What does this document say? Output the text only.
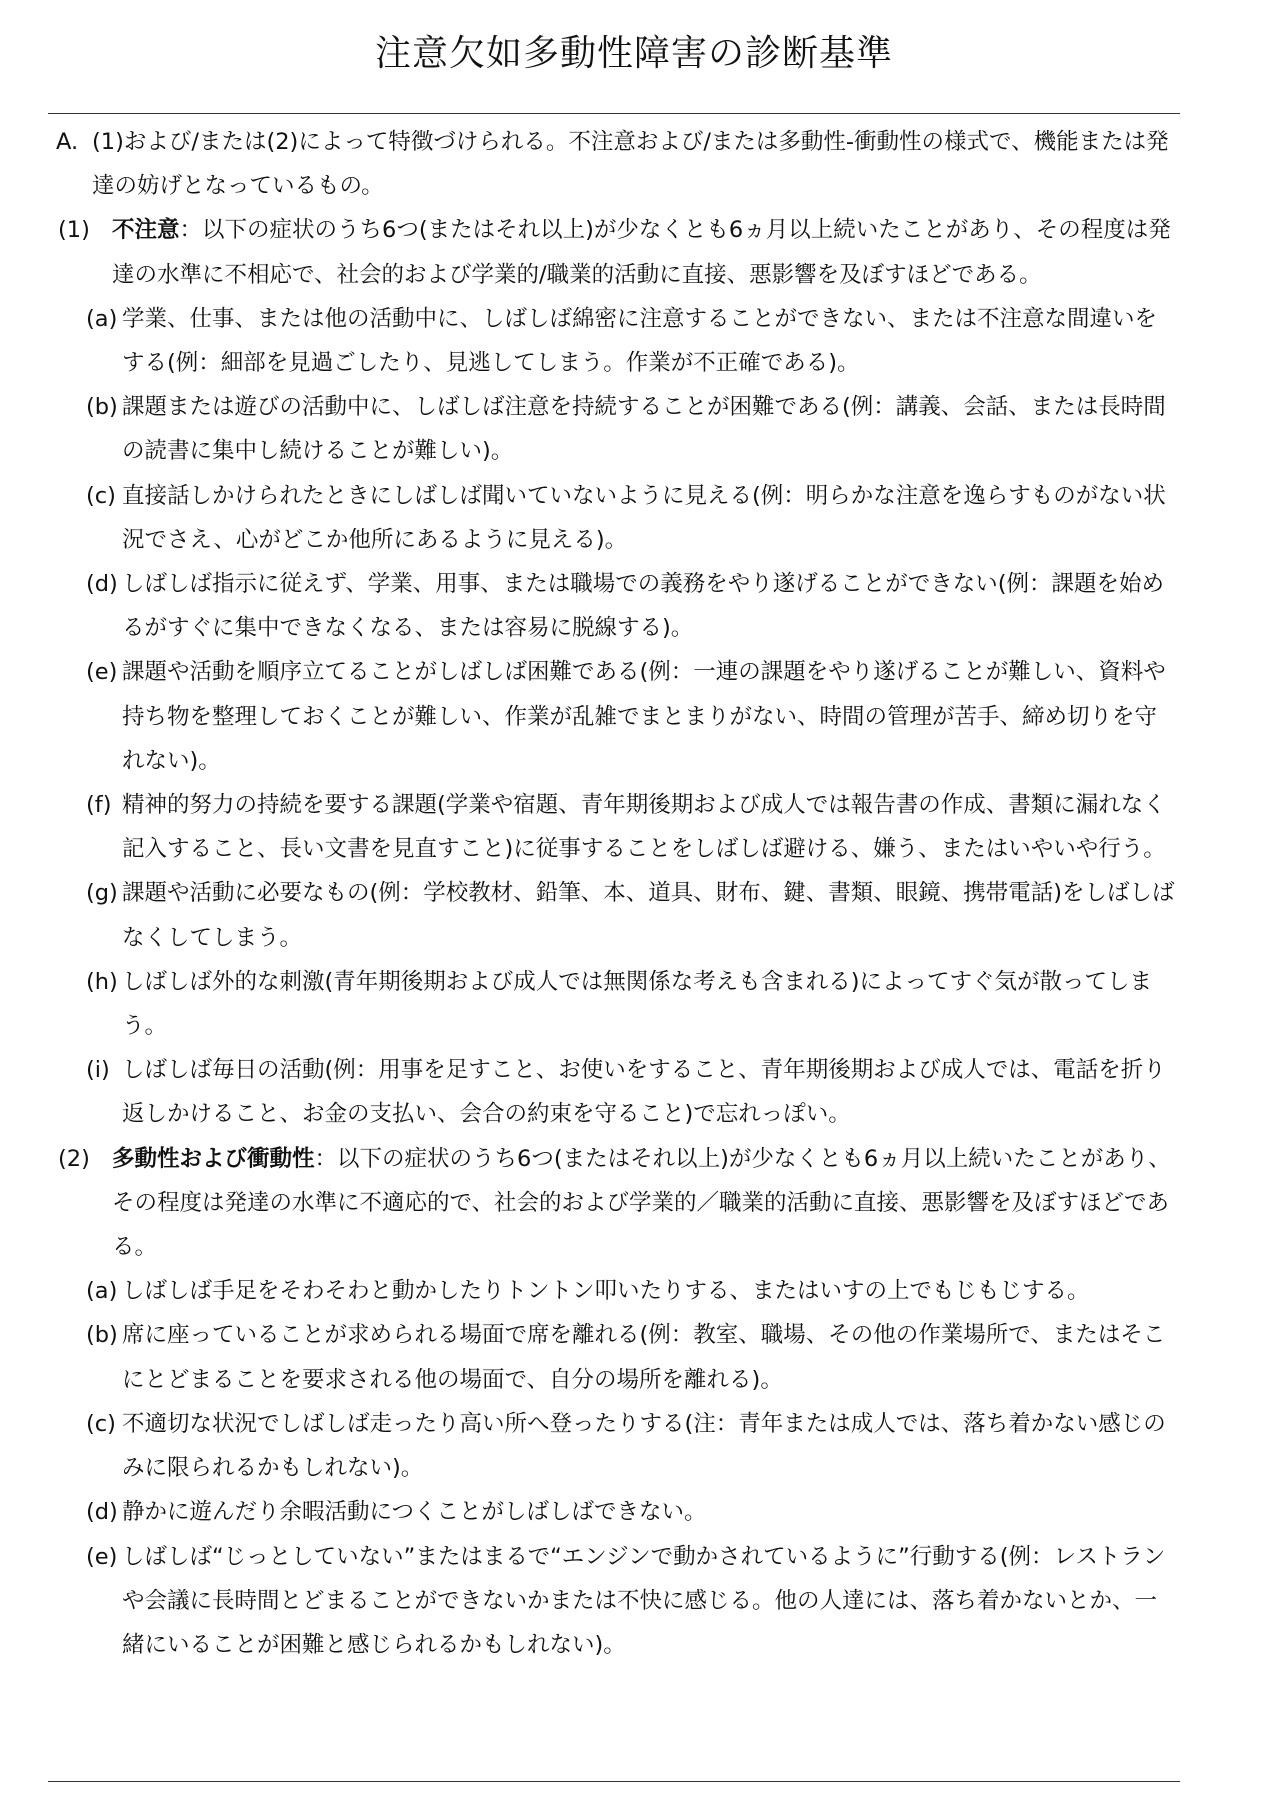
注意欠如多動性障害の診断基準
A. (1)および/または(2)によって特徴づけられる。不注意および/または多動性-衝動性の様式で、機能または発達の妨げとなっているもの。
(1) 不注意：以下の症状のうち6つ(またはそれ以上)が少なくとも6ヵ月以上続いたことがあり、その程度は発達の水準に不相応で、社会的および学業的/職業的活動に直接、悪影響を及ぼすほどである。
(a) 学業、仕事、または他の活動中に、しばしば綿密に注意することができない、または不注意な間違いをする(例：細部を見過ごしたり、見逃してしまう。作業が不正確である)。
(b) 課題または遊びの活動中に、しばしば注意を持続することが困難である(例：講義、会話、または長時間の読書に集中し続けることが難しい)。
(c) 直接話しかけられたときにしばしば聞いていないように見える(例：明らかな注意を逸らすものがない状況でさえ、心がどこか他所にあるように見える)。
(d) しばしば指示に従えず、学業、用事、または職場での義務をやり遂げることができない(例：課題を始めるがすぐに集中できなくなる、または容易に脱線する)。
(e) 課題や活動を順序立てることがしばしば困難である(例：一連の課題をやり遂げることが難しい、資料や持ち物を整理しておくことが難しい、作業が乱雑でまとまりがない、時間の管理が苦手、締め切りを守れない)。
(f) 精神的努力の持続を要する課題(学業や宿題、青年期後期および成人では報告書の作成、書類に漏れなく記入すること、長い文書を見直すこと)に従事することをしばしば避ける、嫌う、またはいやいや行う。
(g) 課題や活動に必要なもの(例：学校教材、鉛筆、本、道具、財布、鍵、書類、眼鏡、携帯電話)をしばしばなくしてしまう。
(h) しばしば外的な刺激(青年期後期および成人では無関係な考えも含まれる)によってすぐ気が散ってしまう。
(i) しばしば毎日の活動(例：用事を足すこと、お使いをすること、青年期後期および成人では、電話を折り返しかけること、お金の支払い、会合の約束を守ること)で忘れっぽい。
(2) 多動性および衝動性：以下の症状のうち6つ(またはそれ以上)が少なくとも6ヵ月以上続いたことがあり、その程度は発達の水準に不適応的で、社会的および学業的／職業的活動に直接、悪影響を及ぼすほどである。
(a) しばしば手足をそわそわと動かしたりトントン叩いたりする、またはいすの上でもじもじする。
(b) 席に座っていることが求められる場面で席を離れる(例：教室、職場、その他の作業場所で、またはそこにとどまることを要求される他の場面で、自分の場所を離れる)。
(c) 不適切な状況でしばしば走ったり高い所へ登ったりする(注：青年または成人では、落ち着かない感じのみに限られるかもしれない)。
(d) 静かに遊んだり余暇活動につくことがしばしばできない。
(e) しばしば“じっとしていない”またはまるで“エンジンで動かされているように”行動する(例：レストランや会議に長時間とどまることができないかまたは不快に感じる。他の人達には、落ち着かないとか、一緒にいることが困難と感じられるかもしれない)。
